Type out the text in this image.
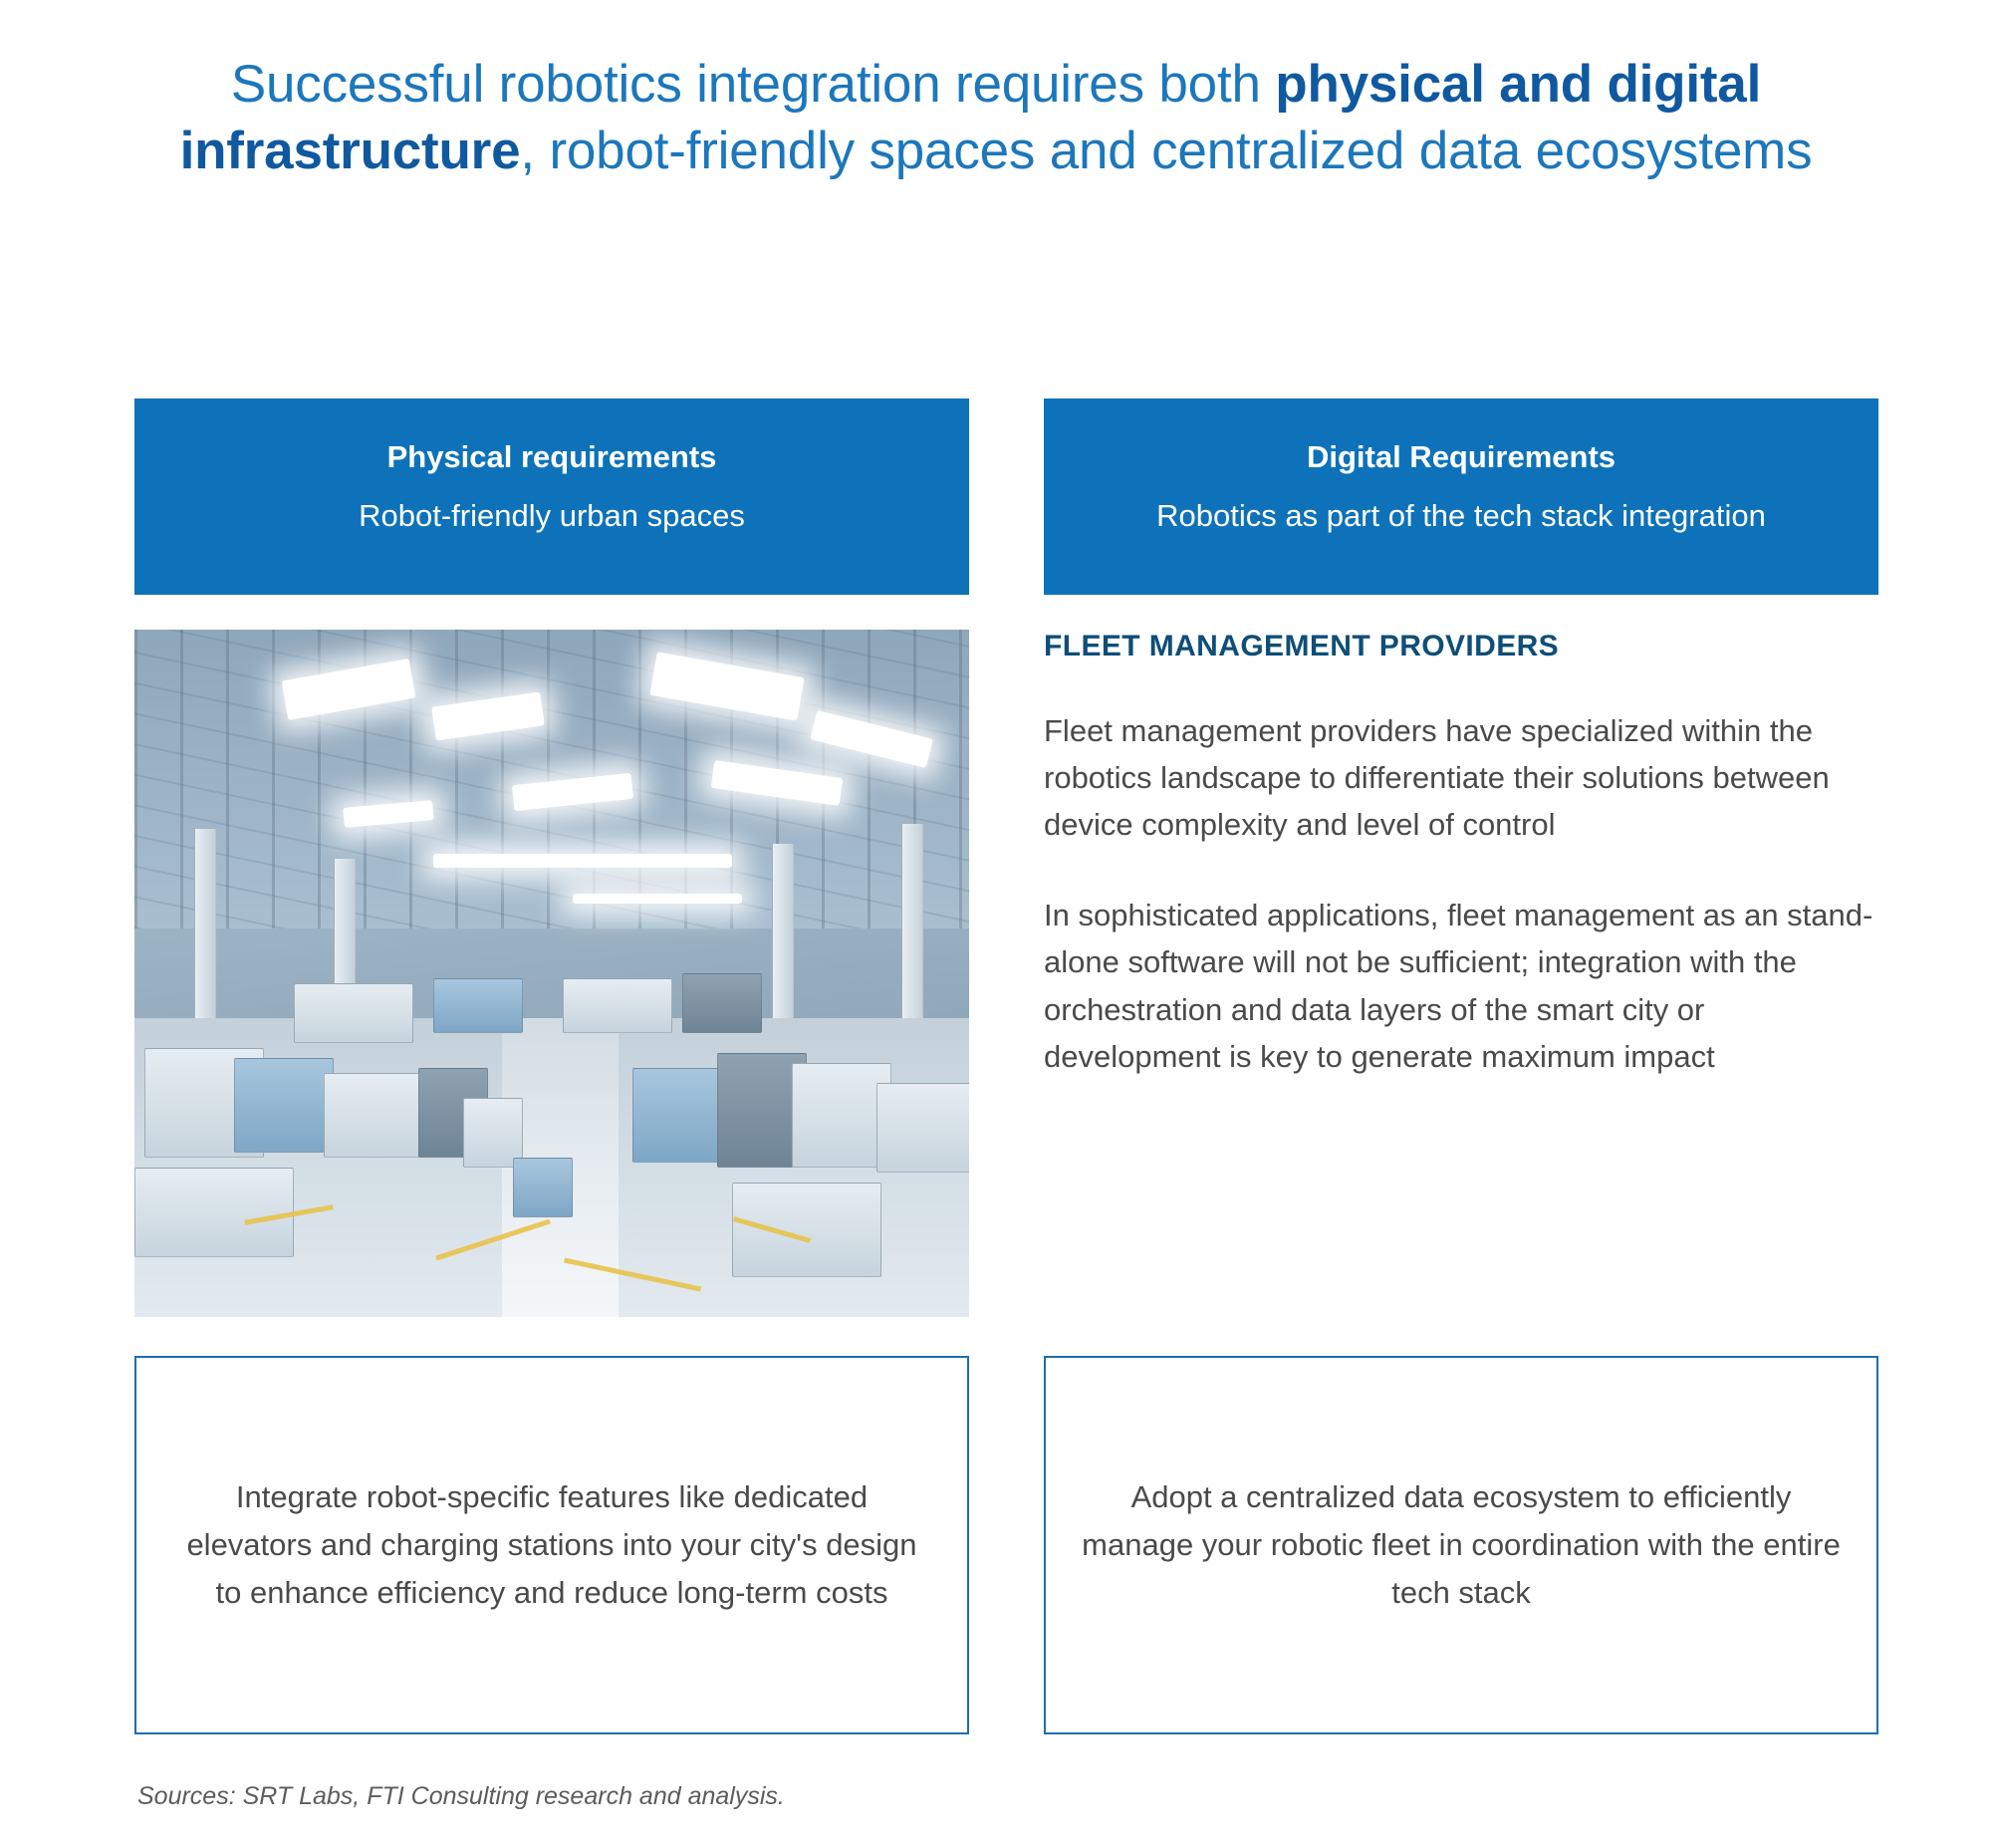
Successful robotics integration requires both physical and digital infrastructure, robot-friendly spaces and centralized data ecosystems
Physical requirements
Robot-friendly urban spaces
Digital Requirements
Robotics as part of the tech stack integration
FLEET MANAGEMENT PROVIDERS
Fleet management providers have specialized within the robotics landscape to differentiate their solutions between device complexity and level of control
In sophisticated applications, fleet management as an stand-alone software will not be sufficient; integration with the orchestration and data layers of the smart city or development is key to generate maximum impact
Integrate robot-specific features like dedicated elevators and charging stations into your city's design to enhance efficiency and reduce long-term costs
Adopt a centralized data ecosystem to efficiently manage your robotic fleet in coordination with the entire tech stack
Sources: SRT Labs, FTI Consulting research and analysis.
